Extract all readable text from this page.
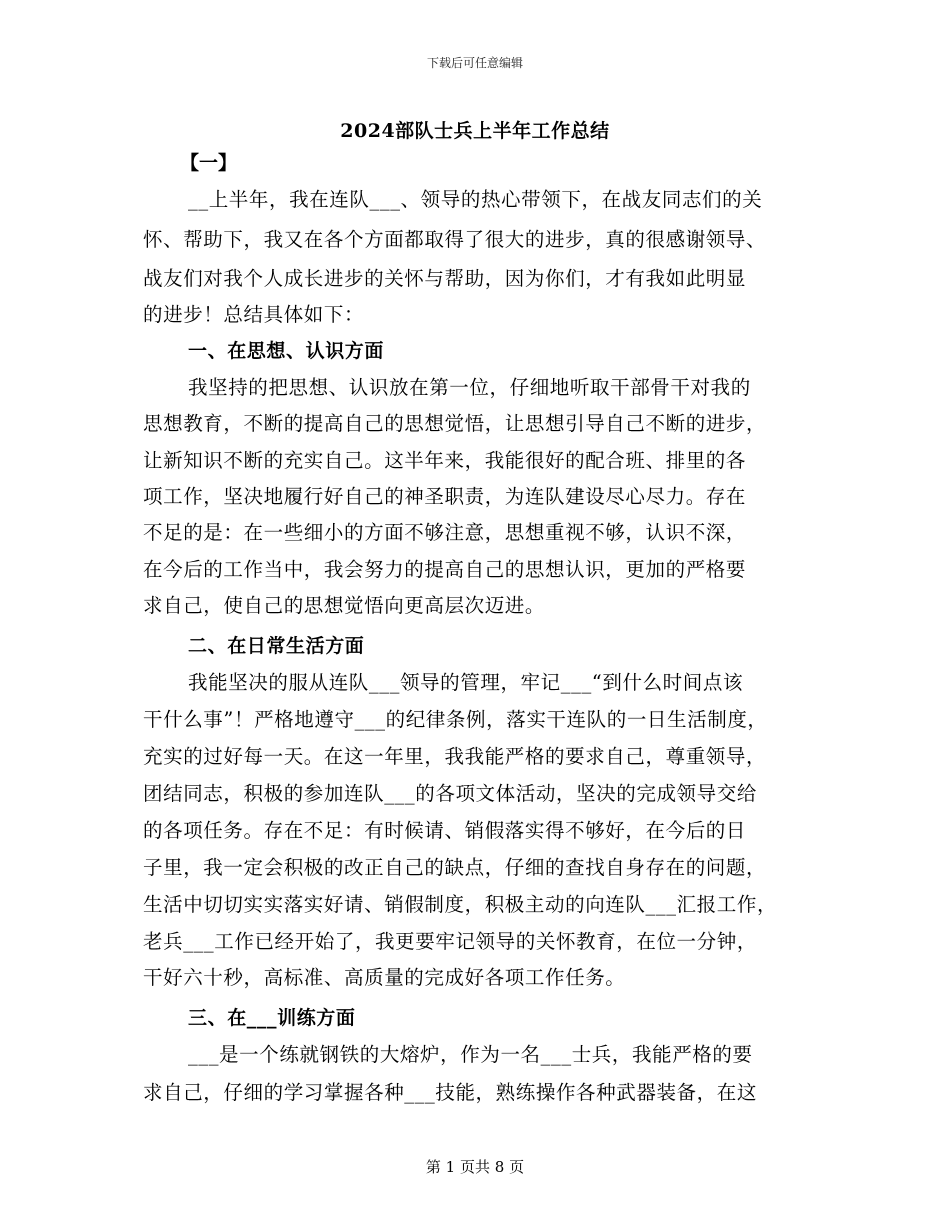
下载后可任意编辑
2024部队士兵上半年工作总结
【一】
__上半年，我在连队___、领导的热心带领下，在战友同志们的关
怀、帮助下，我又在各个方面都取得了很大的进步，真的很感谢领导、
战友们对我个人成长进步的关怀与帮助，因为你们，才有我如此明显
的进步！总结具体如下：
一、在思想、认识方面
我坚持的把思想、认识放在第一位，仔细地听取干部骨干对我的
思想教育，不断的提高自己的思想觉悟，让思想引导自己不断的进步，
让新知识不断的充实自己。这半年来，我能很好的配合班、排里的各
项工作，坚决地履行好自己的神圣职责，为连队建设尽心尽力。存在
不足的是：在一些细小的方面不够注意，思想重视不够，认识不深，
在今后的工作当中，我会努力的提高自己的思想认识，更加的严格要
求自己，使自己的思想觉悟向更高层次迈进。
二、在日常生活方面
我能坚决的服从连队___领导的管理，牢记___“到什么时间点该
干什么事”！严格地遵守___的纪律条例，落实干连队的一日生活制度，
充实的过好每一天。在这一年里，我我能严格的要求自己，尊重领导，
团结同志，积极的参加连队___的各项文体活动，坚决的完成领导交给
的各项任务。存在不足：有时候请、销假落实得不够好，在今后的日
子里，我一定会积极的改正自己的缺点，仔细的查找自身存在的问题，
生活中切切实实落实好请、销假制度，积极主动的向连队___汇报工作，
老兵___工作已经开始了，我更要牢记领导的关怀教育，在位一分钟，
干好六十秒，高标准、高质量的完成好各项工作任务。
三、在___训练方面
___是一个练就钢铁的大熔炉，作为一名___士兵，我能严格的要
求自己，仔细的学习掌握各种___技能，熟练操作各种武器装备，在这
第 1 页共 8 页
